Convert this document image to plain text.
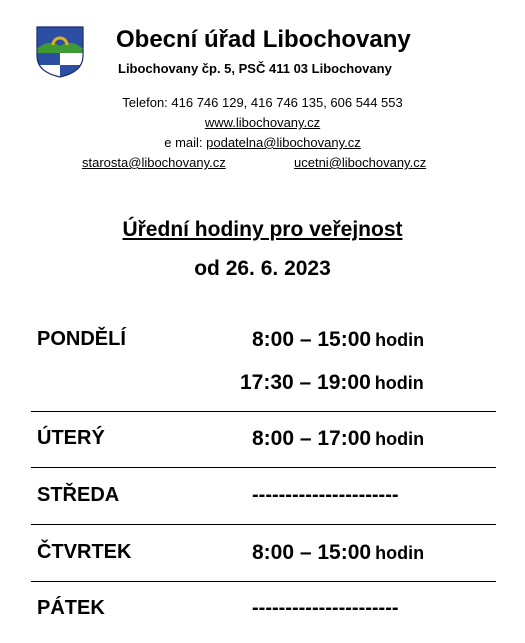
Obecní úřad Libochovany
Libochovany čp. 5, PSČ 411 03 Libochovany
Telefon: 416 746 129, 416 746 135, 606 544 553
www.libochovany.cz
e mail: podatelna@libochovany.cz
starosta@libochovany.cz	ucetni@libochovany.cz
Úřední hodiny pro veřejnost
od 26. 6. 2023
PONDĚLÍ	8:00 – 15:00 hodin
17:30 – 19:00 hodin
ÚTERÝ	8:00 – 17:00 hodin
STŘEDA	----------------------
ČTVRTEK	8:00 – 15:00 hodin
PÁTEK	----------------------
